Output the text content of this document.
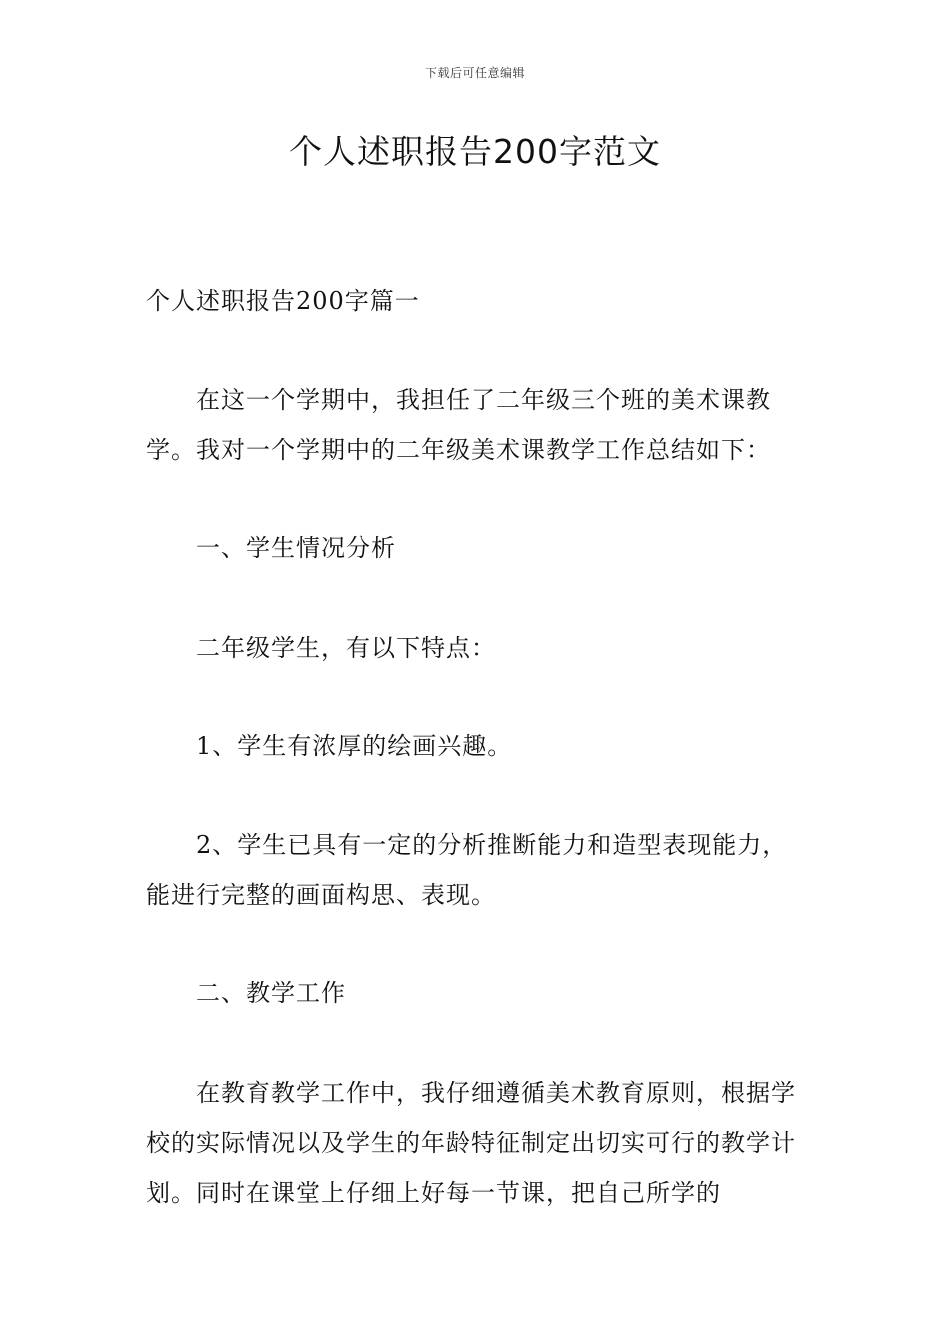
下载后可任意编辑
个人述职报告200字范文

个人述职报告200字篇一

在这一个学期中，我担任了二年级三个班的美术课教学。我对一个学期中的二年级美术课教学工作总结如下：

一、学生情况分析

二年级学生，有以下特点：

1、学生有浓厚的绘画兴趣。

2、学生已具有一定的分析推断能力和造型表现能力，能进行完整的画面构思、表现。

二、教学工作

在教育教学工作中，我仔细遵循美术教育原则，根据学校的实际情况以及学生的年龄特征制定出切实可行的教学计划。同时在课堂上仔细上好每一节课，把自己所学的
